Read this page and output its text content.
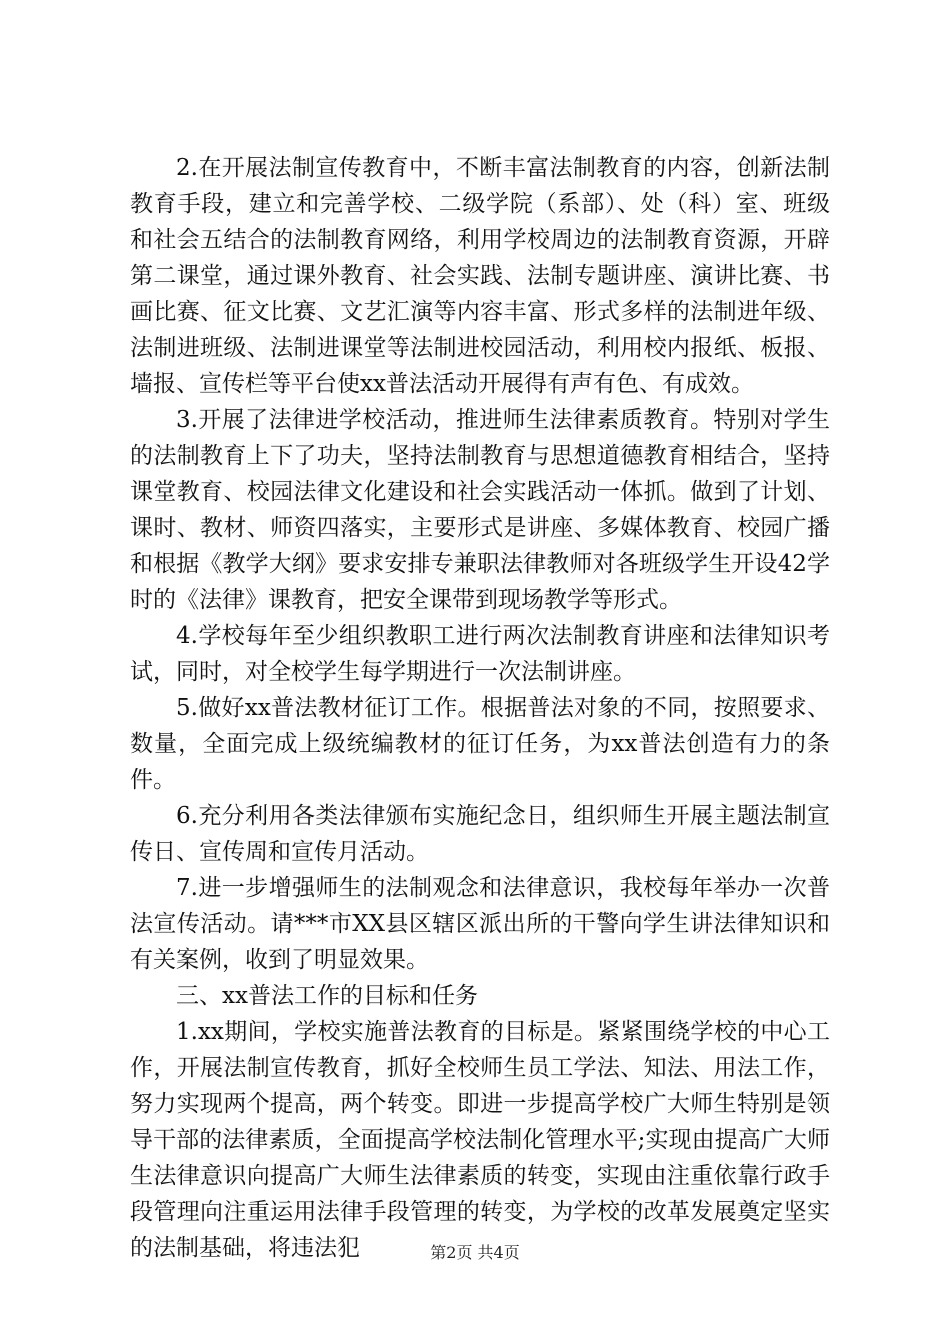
2.在开展法制宣传教育中，不断丰富法制教育的内容，创新法制教育手段，建立和完善学校、二级学院（系部）、处（科）室、班级和社会五结合的法制教育网络，利用学校周边的法制教育资源，开辟第二课堂，通过课外教育、社会实践、法制专题讲座、演讲比赛、书画比赛、征文比赛、文艺汇演等内容丰富、形式多样的法制进年级、法制进班级、法制进课堂等法制进校园活动，利用校内报纸、板报、墙报、宣传栏等平台使xx普法活动开展得有声有色、有成效。

3.开展了法律进学校活动，推进师生法律素质教育。特别对学生的法制教育上下了功夫，坚持法制教育与思想道德教育相结合，坚持课堂教育、校园法律文化建设和社会实践活动一体抓。做到了计划、课时、教材、师资四落实，主要形式是讲座、多媒体教育、校园广播和根据《教学大纲》要求安排专兼职法律教师对各班级学生开设42学时的《法律》课教育，把安全课带到现场教学等形式。

4.学校每年至少组织教职工进行两次法制教育讲座和法律知识考试，同时，对全校学生每学期进行一次法制讲座。

5.做好xx普法教材征订工作。根据普法对象的不同，按照要求、数量，全面完成上级统编教材的征订任务，为xx普法创造有力的条件。

6.充分利用各类法律颁布实施纪念日，组织师生开展主题法制宣传日、宣传周和宣传月活动。

7.进一步增强师生的法制观念和法律意识，我校每年举办一次普法宣传活动。请***市XX县区辖区派出所的干警向学生讲法律知识和有关案例，收到了明显效果。

三、xx普法工作的目标和任务

1.xx期间，学校实施普法教育的目标是。紧紧围绕学校的中心工作，开展法制宣传教育，抓好全校师生员工学法、知法、用法工作，努力实现两个提高，两个转变。即进一步提高学校广大师生特别是领导干部的法律素质，全面提高学校法制化管理水平;实现由提高广大师生法律意识向提高广大师生法律素质的转变，实现由注重依靠行政手段管理向注重运用法律手段管理的转变，为学校的改革发展奠定坚实的法制基础，将违法犯	第2页 共4页
